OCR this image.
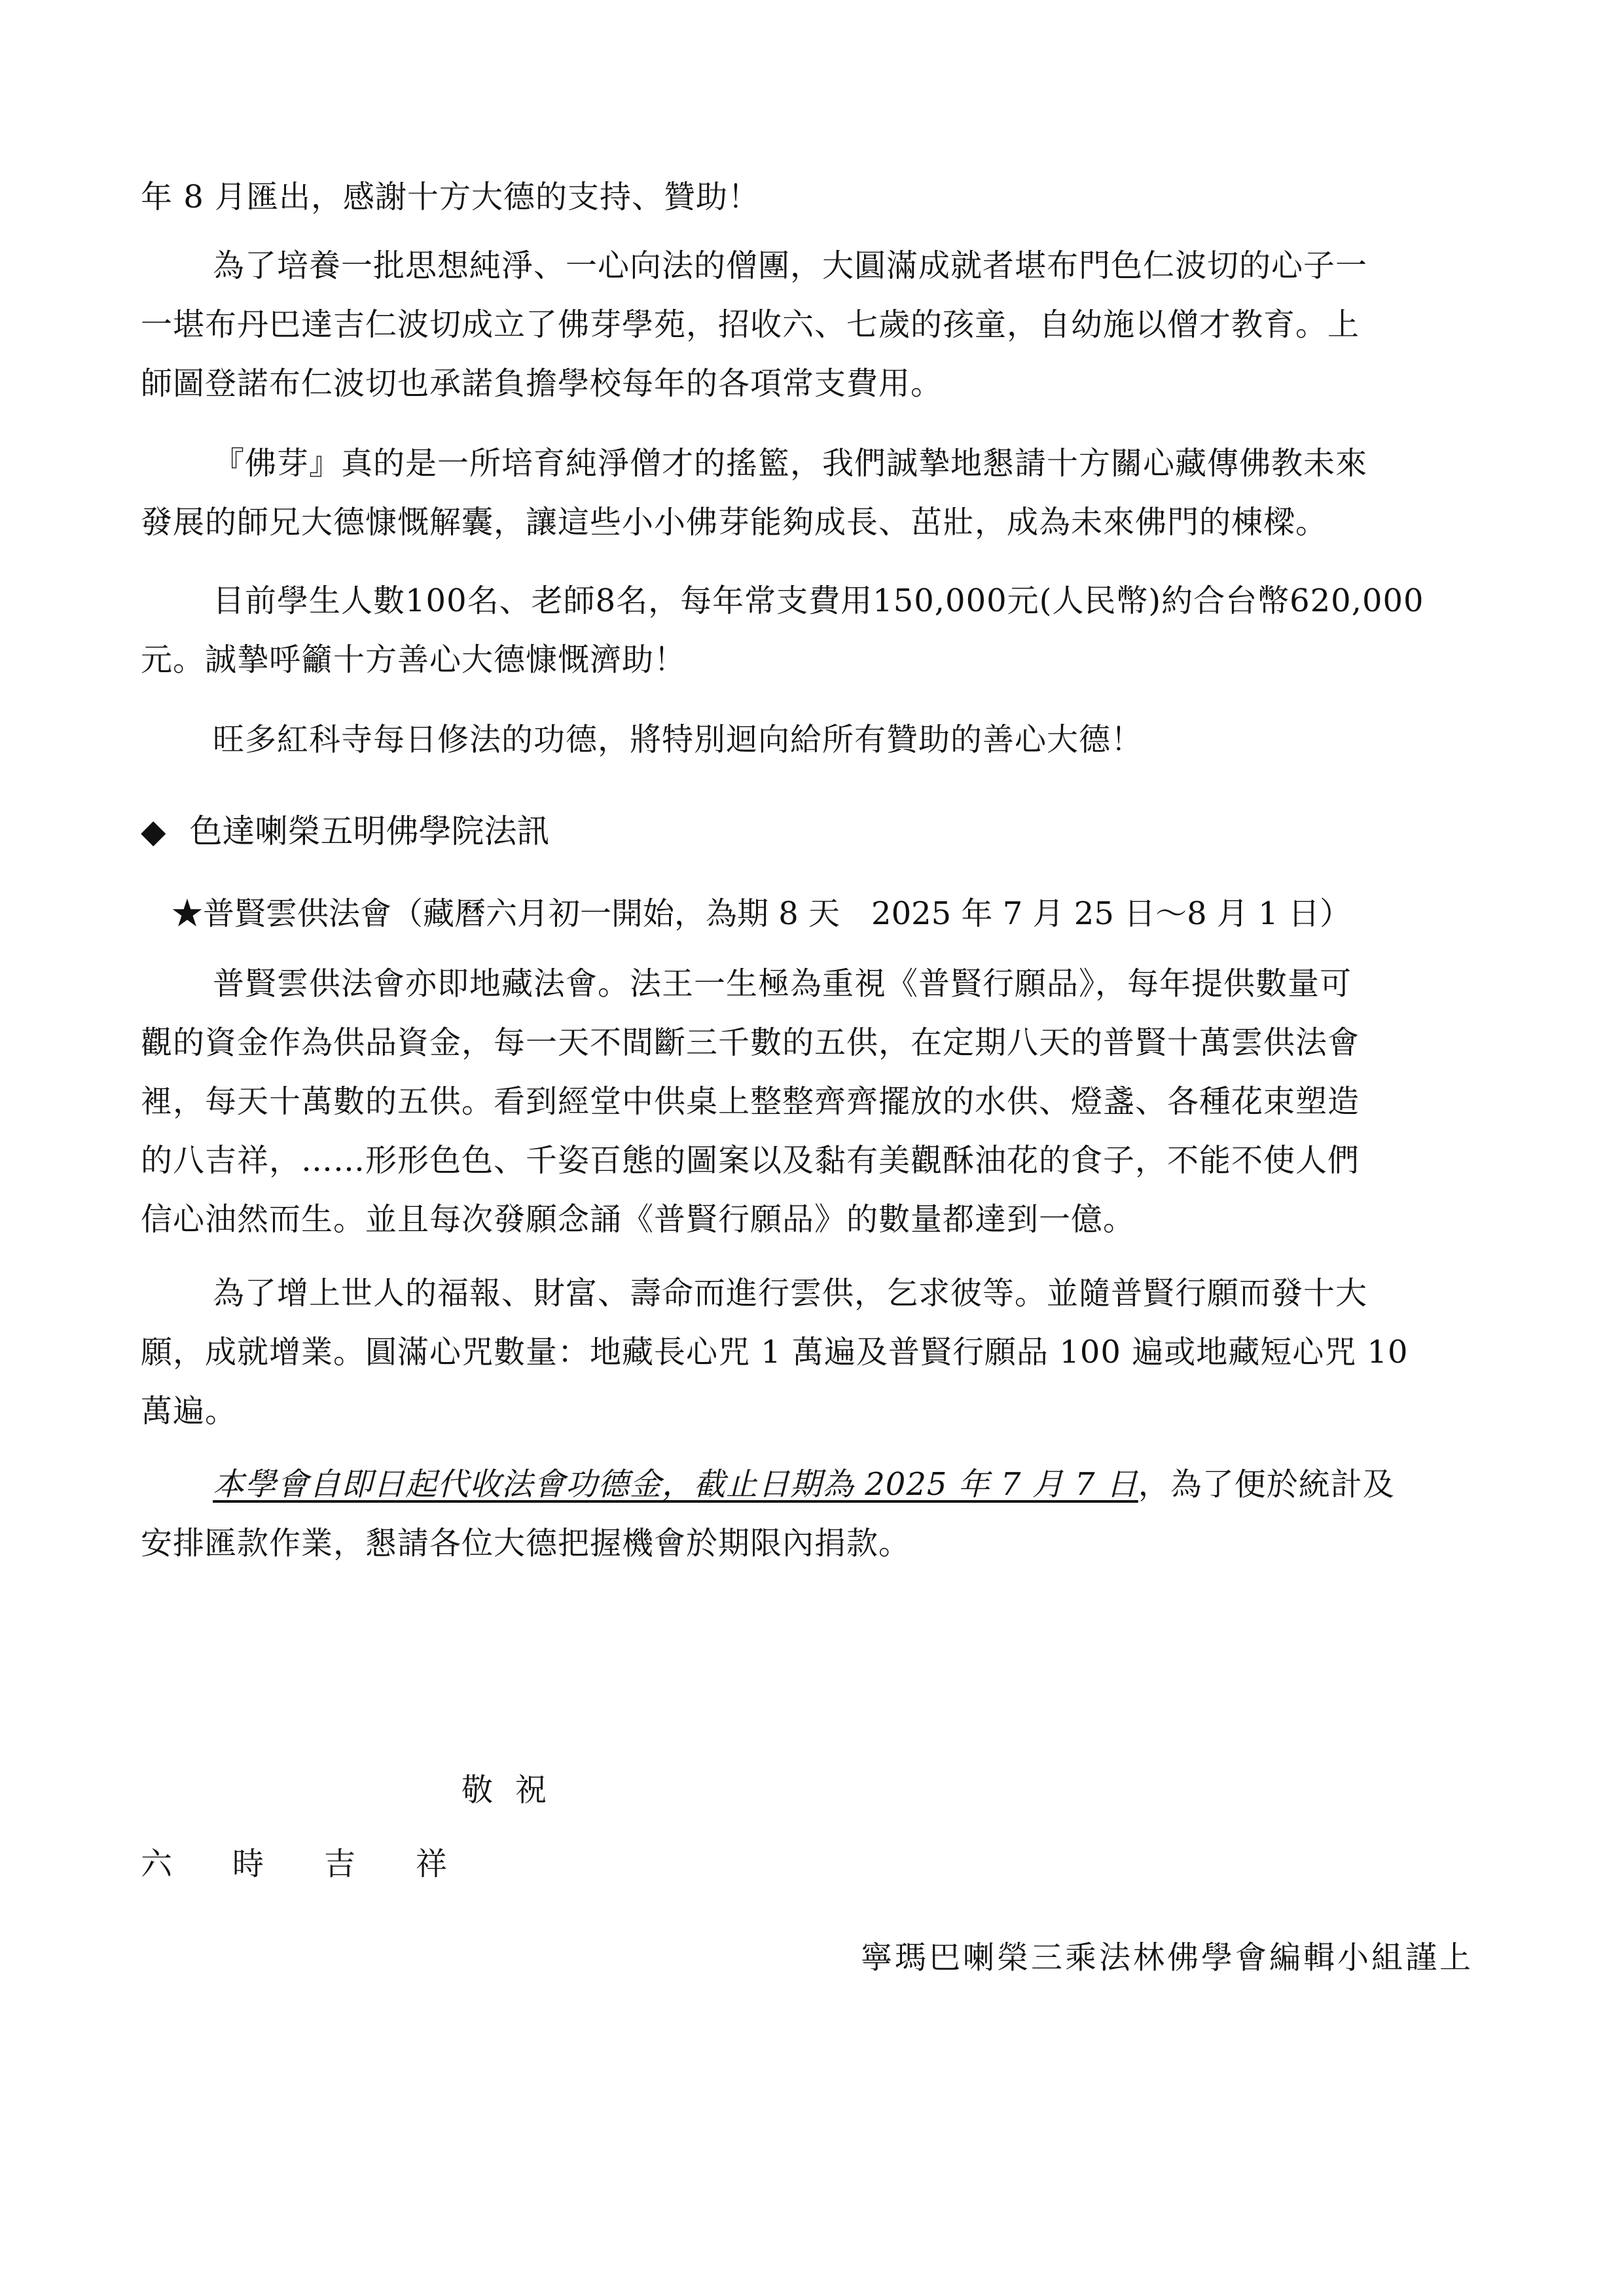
年 8 月匯出，感謝十方大德的支持、贊助！
為了培養一批思想純淨、一心向法的僧團，大圓滿成就者堪布門色仁波切的心子一
一堪布丹巴達吉仁波切成立了佛芽學苑，招收六、七歲的孩童，自幼施以僧才教育。上
師圖登諾布仁波切也承諾負擔學校每年的各項常支費用。
『佛芽』真的是一所培育純淨僧才的搖籃，我們誠摯地懇請十方關心藏傳佛教未來
發展的師兄大德慷慨解囊，讓這些小小佛芽能夠成長、茁壯，成為未來佛門的棟樑。
目前學生人數100名、老師8名，每年常支費用150,000元(人民幣)約合台幣620,000
元。誠摯呼籲十方善心大德慷慨濟助！
旺多紅科寺每日修法的功德，將特別迴向給所有贊助的善心大德！
◆ 色達喇榮五明佛學院法訊
★普賢雲供法會（藏曆六月初一開始，為期 8 天　2025 年 7 月 25 日～8 月 1 日）
普賢雲供法會亦即地藏法會。法王一生極為重視《普賢行願品》，每年提供數量可
觀的資金作為供品資金，每一天不間斷三千數的五供，在定期八天的普賢十萬雲供法會
裡，每天十萬數的五供。看到經堂中供桌上整整齊齊擺放的水供、燈盞、各種花束塑造
的八吉祥，……形形色色、千姿百態的圖案以及黏有美觀酥油花的食子，不能不使人們
信心油然而生。並且每次發願念誦《普賢行願品》的數量都達到一億。
為了增上世人的福報、財富、壽命而進行雲供，乞求彼等。並隨普賢行願而發十大
願，成就增業。圓滿心咒數量：地藏長心咒 1 萬遍及普賢行願品 100 遍或地藏短心咒 10
萬遍。
本學會自即日起代收法會功德金，截止日期為 2025 年 7 月 7 日，為了便於統計及
安排匯款作業，懇請各位大德把握機會於期限內捐款。
敬祝
六時吉祥
寧瑪巴喇榮三乘法林佛學會編輯小組謹上
